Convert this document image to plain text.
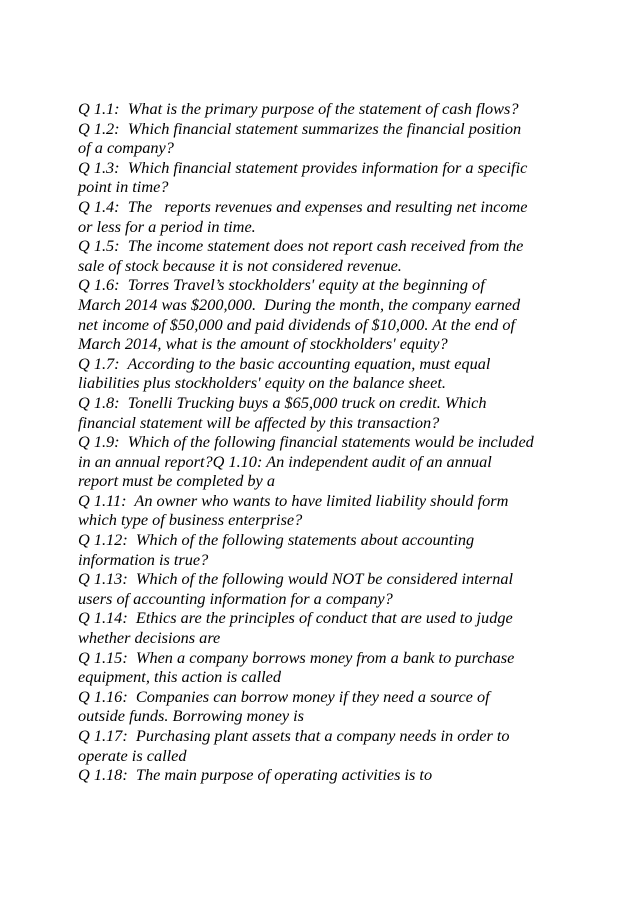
Q 1.1:  What is the primary purpose of the statement of cash flows?
Q 1.2:  Which financial statement summarizes the financial position
of a company?
Q 1.3:  Which financial statement provides information for a specific
point in time?
Q 1.4:  The   reports revenues and expenses and resulting net income
or less for a period in time.
Q 1.5:  The income statement does not report cash received from the
sale of stock because it is not considered revenue.
Q 1.6:  Torres Travel’s stockholders' equity at the beginning of
March 2014 was $200,000.  During the month, the company earned
net income of $50,000 and paid dividends of $10,000. At the end of
March 2014, what is the amount of stockholders' equity?
Q 1.7:  According to the basic accounting equation, must equal
liabilities plus stockholders' equity on the balance sheet.
Q 1.8:  Tonelli Trucking buys a $65,000 truck on credit. Which
financial statement will be affected by this transaction?
Q 1.9:  Which of the following financial statements would be included
in an annual report?Q 1.10: An independent audit of an annual
report must be completed by a
Q 1.11:  An owner who wants to have limited liability should form
which type of business enterprise?
Q 1.12:  Which of the following statements about accounting
information is true?
Q 1.13:  Which of the following would NOT be considered internal
users of accounting information for a company?
Q 1.14:  Ethics are the principles of conduct that are used to judge
whether decisions are
Q 1.15:  When a company borrows money from a bank to purchase
equipment, this action is called
Q 1.16:  Companies can borrow money if they need a source of
outside funds. Borrowing money is
Q 1.17:  Purchasing plant assets that a company needs in order to
operate is called
Q 1.18:  The main purpose of operating activities is to
